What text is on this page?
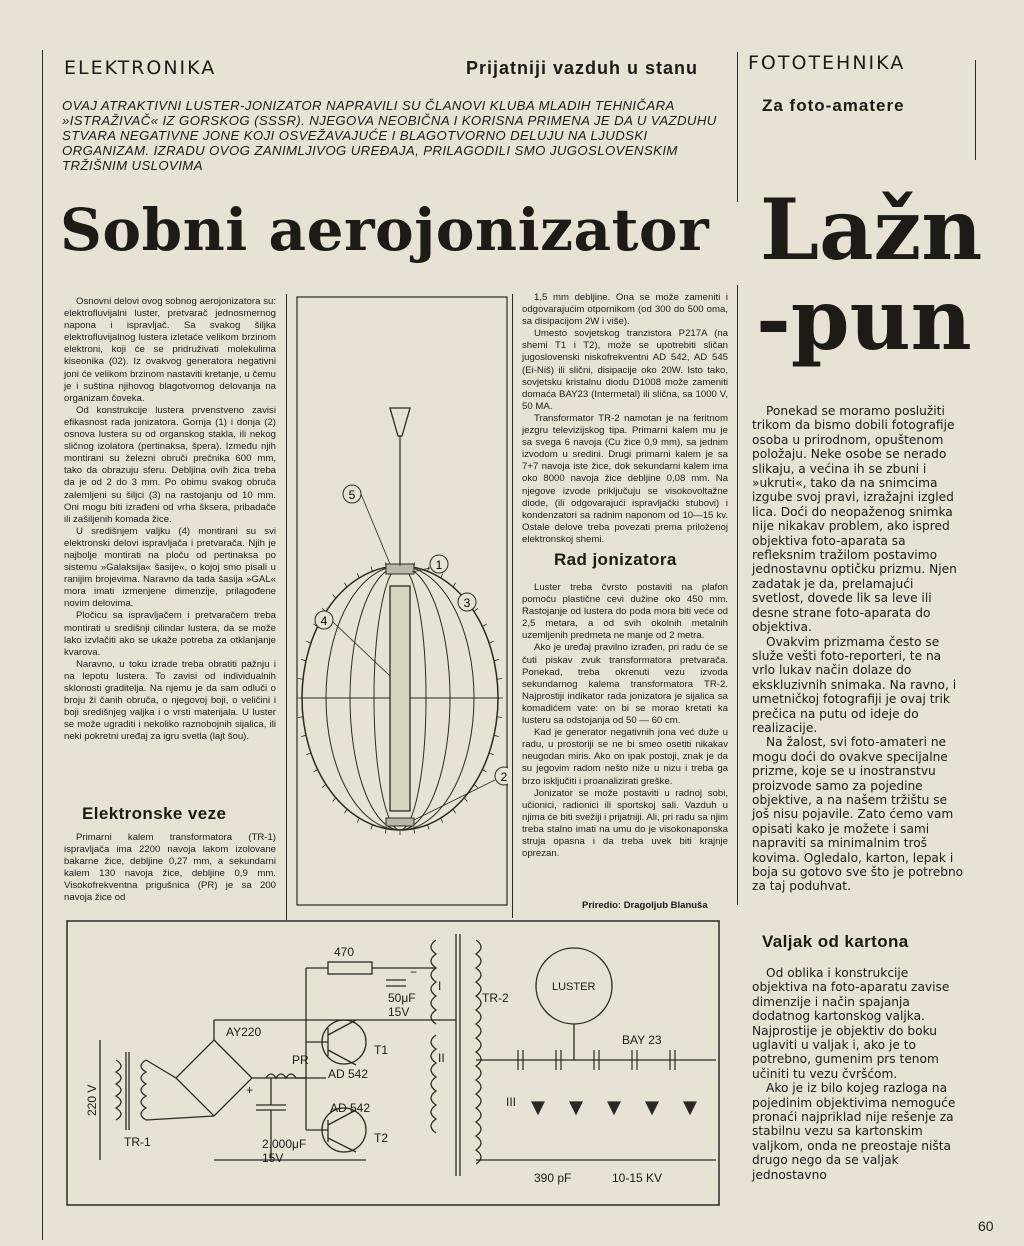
ELEKTRONIKA	Prijatniji vazduh u stanu	FOTOTEHNIKA
Za foto-amatere
OVAJ ATRAKTIVNI LUSTER-JONIZATOR NAPRAVILI SU ČLANOVI KLUBA MLADIH TEHNIČARA »ISTRAŽIVAČ« IZ GORSKOG (SSSR). NJEGOVA NEOBIČNA I KORISNA PRIMENA JE DA U VAZDUHU STVARA NEGATIVNE JONE KOJI OSVEŽAVAJUĆE I BLAGOTVORNO DELUJU NA LJUDSKI ORGANIZAM. IZRADU OVOG ZANIMLJIVOG UREĐAJA, PRILAGODILI SMO JUGOSLOVENSKIM TRŽIŠNIM USLOVIMA
Sobni aerojonizator Lažn
-pun

Osnovni delovi ovog sobnog aerojonizatora su: elektrofluvijalni luster, pretvarač jednosmernog napona i ispravljač. Sa svakog šiljka elektrofluvijalnog lustera izletaće velikom brzinom elektroni, koji će se pridruživati molekulima kiseonika (02). Iz ovakvog generatora negativni joni će velikom brzinom nastaviti kretanje, u čemu je i suština njihovog blagotvornog delovanja na organizam čoveka.

Od konstrukcije lustera prvenstveno zavisi efikasnost rada jonizatora. Gornja (1) i donja (2) osnova lustera su od organskog stakla, ili nekog sličnog izolatora (pertinaksa, špera). Između njih montirani su železni obruči prečnika 600 mm, tako da obrazuju sferu. Debljina ovih žica treba da je od 2 do 3 mm. Po obimu svakog obruča zalemljeni su šiljci (3) na rastojanju od 10 mm. Oni mogu biti izrađeni od vrha šksera, pribadače ili zašiljenih komada žice.

U središnjem valjku (4) montirani su svi elektronski delovi ispravljača i pretvarača. Njih je najbolje montirati na ploču od pertinaksa po sistemu »Galaksija« šasije«, o kojoj smo pisali u ranijim brojevima. Naravno da tada šasija »GAL« mora imati izmenjene dimenzije, prilagođene novim delovima.

Pločicu sa ispravljačem i pretvaračem treba montirati u središnji cilindar lustera, da se može lako izvlačiti ako se ukaže potreba za otklanjanje kvarova.

Naravno, u toku izrade treba obratiti pažnju i na lepotu lustera. To zavisi od individualnih sklonosti graditelja. Na njemu je da sam odluči o broju ži čanih obruča, o njegovoj boji, o veličini i boji središnjeg valjka i o vrsti materijala. U luster se može ugraditi i nekoliko raznobojnih sijalica, ili neki pokretni uređaj za igru svetla (lajt šou).

Elektronske veze

Primarni kalem transformatora (TR-1) ispravljača ima 2200 navoja lakom izolovane bakarne žice, debljine 0,27 mm, a sekundarni kalem 130 navoja žice, debljine 0,9 mm. Visokofrekventna prigušnica (PR) je sa 200 navoja žice od

5
1
3
4
2

1,5 mm debljine. Ona se može zameniti i odgovarajućim otpornikom (od 300 do 500 oma, sa disipacijom 2W i više).

Umesto sovjetskog tranzistora P217A (na shemi T1 i T2), može se upotrebiti sličan jugoslovenski niskofrekventni AD 542, AD 545 (Ei-Niš) ili slični, disipacije oko 20W. Isto tako, sovjetsku kristalnu diodu D1008 može zameniti domaća BAY23 (Intermetal) ili slična, sa 1000 V, 50 MA.

Transformator TR-2 namotan je na feritnom jezgru televizijskog tipa. Primarni kalem mu je sa svega 6 navoja (Cu žice 0,9 mm), sa jednim izvodom u sredini. Drugi primarni kalem je sa 7+7 navoja iste žice, dok sekundarni kalem ima oko 8000 navoja žice debljine 0,08 mm. Na njegove izvode priključuju se visokovoltažne diode, (ili odgovarajući ispravljački stubovi) i kondenzatori sa radnim naponom od 10—15 kv. Ostale delove treba povezati prema priloženoj elektronskoj shemi.

Rad jonizatora

Luster treba čvrsto postaviti na plafon pomoću plastične cevi dužine oko 450 mm. Rastojanje od lustera do poda mora biti veće od 2,5 metara, a od svih okolnih metalnih uzemljenih predmeta ne manje od 2 metra.

Ako je uređaj pravilno izrađen, pri radu će se čuti piskav zvuk transformatora pretvarača. Ponekad, treba okrenuti vezu izvoda sekundarnog kalema transformatora TR-2. Najprostiji indikator rada jonizatora je sijalica sa komadićem vate: on bi se morao kretati ka lusteru sa odstojanja od 50 — 60 cm.

Kad je generator negativnih jona već duže u radu, u prostoriji se ne bi smeo osetiti nikakav neugodan miris. Ako on ipak postoji, znak je da su jegovim radom nešto niže u nizu i treba ga brzo isključiti i proanalizirati greške.

Jonizator se može postaviti u radnoj sobi, učionici, radionici ili sportskoj sali. Vazduh u njima će biti svežiji i prijatniji. Ali, pri radu sa njim treba stalno imati na umu do je visokonaponska struja opasna i da treba uvek biti krajnje oprezan.

Priredio: Dragoljub Blanuša

Ponekad se moramo poslužiti trikom da bismo dobili fotografije osoba u prirodnom, opuštenom položaju. Neke osobe se nerado slikaju, a većina ih se zbuni i »ukruti«, tako da na snimcima izgube svoj pravi, izražajni izgled lica. Doći do neopaženog snimka nije nikakav problem, ako ispred objektiva foto-aparata sa refleksnim tražilom postavimo jednostavnu optičku prizmu. Njen zadatak je da, prelamajući svetlost, dovede lik sa leve ili desne strane foto-aparata do objektiva.

Ovakvim prizmama često se služe vešti foto-reporteri, te na vrlo lukav način dolaze do ekskluzivnih snimaka. Na ravno, i umetničkoj fotografiji je ovaj trik prečica na putu od ideje do realizacije.

Na žalost, svi foto-amateri ne mogu doći do ovakve specijalne prizme, koje se u inostranstvu proizvode samo za pojedine objektive, a na našem tržištu se još nisu pojavile. Zato ćemo vam opisati kako je možete i sami napraviti sa minimalnim troš kovima. Ogledalo, karton, lepak i boja su gotovo sve što je potrebno za taj poduhvat.

Valjak od kartona

Od oblika i konstrukcije objektiva na foto-aparatu zavise dimenzije i način spajanja dodatnog kartonskog valjka. Najprostije je objektiv do boku uglaviti u valjak i, ako je to potrebno, gumenim prs tenom učiniti tu vezu čvršćom.

Ako je iz bilo kojeg razloga na pojedinim objektivima nemoguće pronaći najpriklad nije rešenje za stabilnu vezu sa kartonskim valjkom, onda ne preostaje ništa drugo nego da se valjak jednostavno

60
470
50μF
15V
T1
T2
AD 542
AD 542
AY220
PR
2.000μF
15V
TR-1
TR-2
I
II
III
LUSTER
BAY 23
390 pF	10-15 KV
+
−
220 V
